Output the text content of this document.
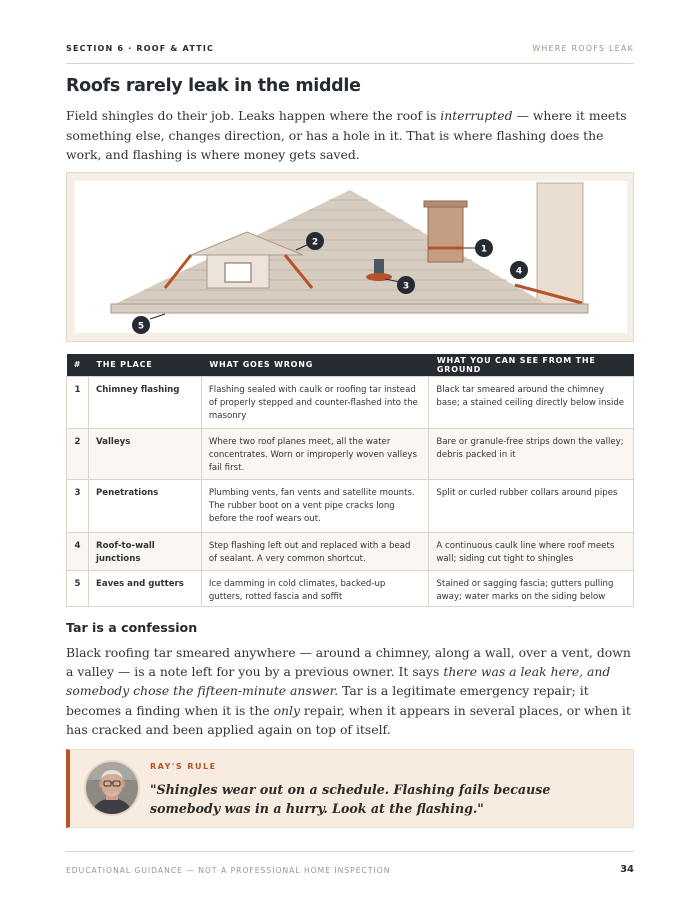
SECTION 6 · ROOF & ATTIC	WHERE ROOFS LEAK
Roofs rarely leak in the middle

Field shingles do their job. Leaks happen where the roof is interrupted — where it meets something else, changes direction, or has a hole in it. That is where flashing does the work, and flashing is where money gets saved.

1
2
3
4
5
#	THE PLACE	WHAT GOES WRONG	WHAT YOU CAN SEE FROM THE GROUND
1	Chimney flashing	Flashing sealed with caulk or roofing tar instead of properly stepped and counter-flashed into the masonry	Black tar smeared around the chimney base; a stained ceiling directly below inside
2	Valleys	Where two roof planes meet, all the water concentrates. Worn or improperly woven valleys fail first.	Bare or granule-free strips down the valley; debris packed in it
3	Penetrations	Plumbing vents, fan vents and satellite mounts. The rubber boot on a vent pipe cracks long before the roof wears out.	Split or curled rubber collars around pipes
4	Roof-to-wall junctions	Step flashing left out and replaced with a bead of sealant. A very common shortcut.	A continuous caulk line where roof meets wall; siding cut tight to shingles
5	Eaves and gutters	Ice damming in cold climates, backed-up gutters, rotted fascia and soffit	Stained or sagging fascia; gutters pulling away; water marks on the siding below
Tar is a confession

Black roofing tar smeared anywhere — around a chimney, along a wall, over a vent, down a valley — is a note left for you by a previous owner. It says there was a leak here, and somebody chose the fifteen-minute answer. Tar is a legitimate emergency repair; it becomes a finding when it is the only repair, when it appears in several places, or when it has cracked and been applied again on top of itself.

RAY'S RULE
"Shingles wear out on a schedule. Flashing fails because somebody was in a hurry. Look at the flashing."
EDUCATIONAL GUIDANCE — NOT A PROFESSIONAL HOME INSPECTION	34
